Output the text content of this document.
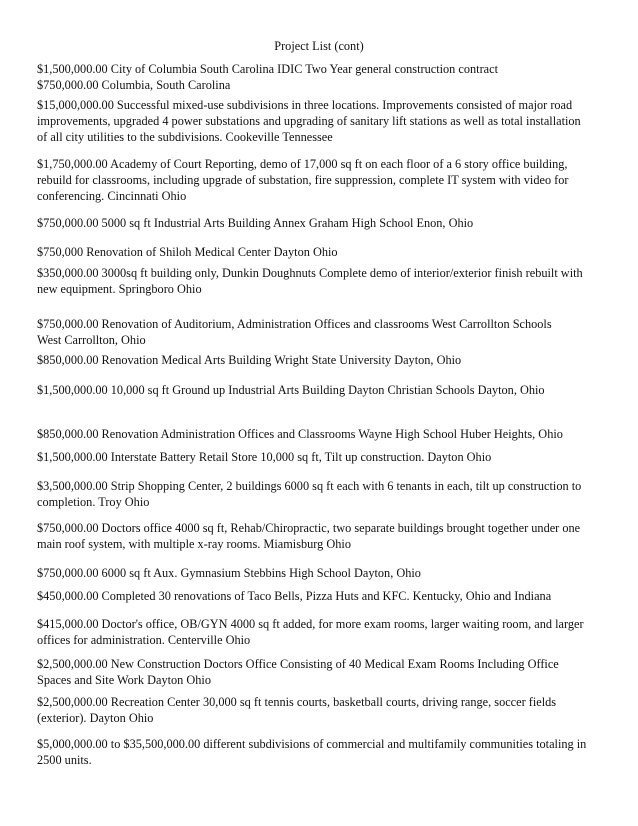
Project List (cont)
$1,500,000.00 City of Columbia South Carolina IDIC Two Year general construction contract
$750,000.00 Columbia, South Carolina
$15,000,000.00 Successful mixed-use subdivisions in three locations. Improvements consisted of major road
improvements, upgraded 4 power substations and upgrading of sanitary lift stations as well as total installation
of all city utilities to the subdivisions. Cookeville Tennessee
$1,750,000.00 Academy of Court Reporting, demo of 17,000 sq ft on each floor of a 6 story office building,
rebuild for classrooms, including upgrade of substation, fire suppression, complete IT system with video for
conferencing. Cincinnati Ohio
$750,000.00 5000 sq ft Industrial Arts Building Annex Graham High School Enon, Ohio
$750,000 Renovation of Shiloh Medical Center Dayton Ohio
$350,000.00 3000sq ft building only, Dunkin Doughnuts Complete demo of interior/exterior finish rebuilt with
new equipment. Springboro Ohio
$750,000.00 Renovation of Auditorium, Administration Offices and classrooms West Carrollton Schools
West Carrollton, Ohio
$850,000.00 Renovation Medical Arts Building Wright State University Dayton, Ohio
$1,500,000.00 10,000 sq ft Ground up Industrial Arts Building Dayton Christian Schools Dayton, Ohio
$850,000.00 Renovation Administration Offices and Classrooms Wayne High School Huber Heights, Ohio
$1,500,000.00 Interstate Battery Retail Store 10,000 sq ft, Tilt up construction. Dayton Ohio
$3,500,000.00 Strip Shopping Center, 2 buildings 6000 sq ft each with 6 tenants in each, tilt up construction to
completion. Troy Ohio
$750,000.00 Doctors office 4000 sq ft, Rehab/Chiropractic, two separate buildings brought together under one
main roof system, with multiple x-ray rooms. Miamisburg Ohio
$750,000.00 6000 sq ft Aux. Gymnasium Stebbins High School Dayton, Ohio
$450,000.00 Completed 30 renovations of Taco Bells, Pizza Huts and KFC. Kentucky, Ohio and Indiana
$415,000.00 Doctor's office, OB/GYN 4000 sq ft added, for more exam rooms, larger waiting room, and larger
offices for administration. Centerville Ohio
$2,500,000.00 New Construction Doctors Office Consisting of 40 Medical Exam Rooms Including Office
Spaces and Site Work Dayton Ohio
$2,500,000.00 Recreation Center 30,000 sq ft tennis courts, basketball courts, driving range, soccer fields
(exterior). Dayton Ohio
$5,000,000.00 to $35,500,000.00 different subdivisions of commercial and multifamily communities totaling in
2500 units.
